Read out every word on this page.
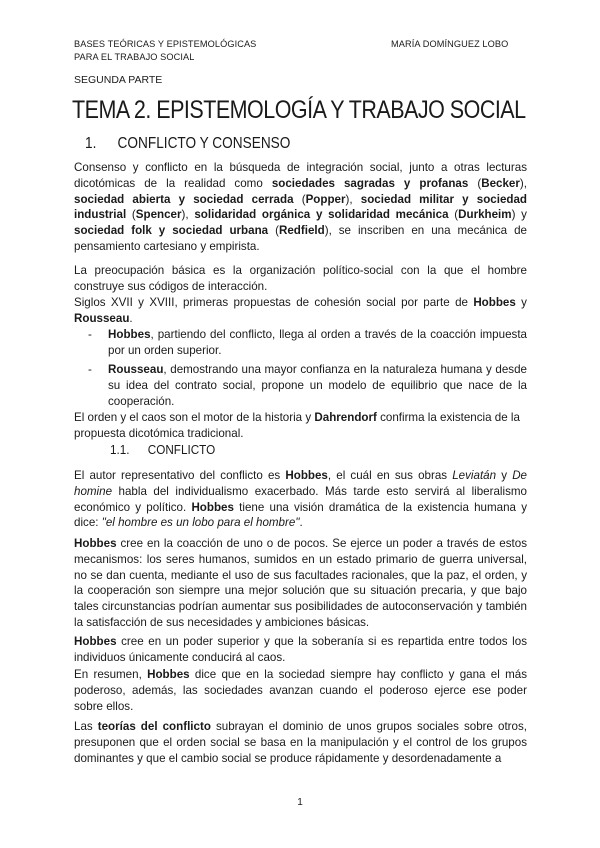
BASES TEÓRICAS Y EPISTEMOLÓGICAS
PARA EL TRABAJO SOCIAL
MARÍA DOMÍNGUEZ LOBO
SEGUNDA PARTE
TEMA 2. EPISTEMOLOGÍA Y TRABAJO SOCIAL
1. CONFLICTO Y CONSENSO
Consenso y conflicto en la búsqueda de integración social, junto a otras lecturas dicotómicas de la realidad como sociedades sagradas y profanas (Becker), sociedad abierta y sociedad cerrada (Popper), sociedad militar y sociedad industrial (Spencer), solidaridad orgánica y solidaridad mecánica (Durkheim) y sociedad folk y sociedad urbana (Redfield), se inscriben en una mecánica de pensamiento cartesiano y empirista.
La preocupación básica es la organización político-social con la que el hombre construye sus códigos de interacción.
Siglos XVII y XVIII, primeras propuestas de cohesión social por parte de Hobbes y Rousseau.
- Hobbes, partiendo del conflicto, llega al orden a través de la coacción impuesta por un orden superior.
- Rousseau, demostrando una mayor confianza en la naturaleza humana y desde su idea del contrato social, propone un modelo de equilibrio que nace de la cooperación.
El orden y el caos son el motor de la historia y Dahrendorf confirma la existencia de la propuesta dicotómica tradicional.
1.1. CONFLICTO
El autor representativo del conflicto es Hobbes, el cuál en sus obras Leviatán y De homine habla del individualismo exacerbado. Más tarde esto servirá al liberalismo económico y político. Hobbes tiene una visión dramática de la existencia humana y dice: "el hombre es un lobo para el hombre".
Hobbes cree en la coacción de uno o de pocos. Se ejerce un poder a través de estos mecanismos: los seres humanos, sumidos en un estado primario de guerra universal, no se dan cuenta, mediante el uso de sus facultades racionales, que la paz, el orden, y la cooperación son siempre una mejor solución que su situación precaria, y que bajo tales circunstancias podrían aumentar sus posibilidades de autoconservación y también la satisfacción de sus necesidades y ambiciones básicas.
Hobbes cree en un poder superior y que la soberanía si es repartida entre todos los individuos únicamente conducirá al caos.
En resumen, Hobbes dice que en la sociedad siempre hay conflicto y gana el más poderoso, además, las sociedades avanzan cuando el poderoso ejerce ese poder sobre ellos.
Las teorías del conflicto subrayan el dominio de unos grupos sociales sobre otros, presuponen que el orden social se basa en la manipulación y el control de los grupos dominantes y que el cambio social se produce rápidamente y desordenadamente a
1
